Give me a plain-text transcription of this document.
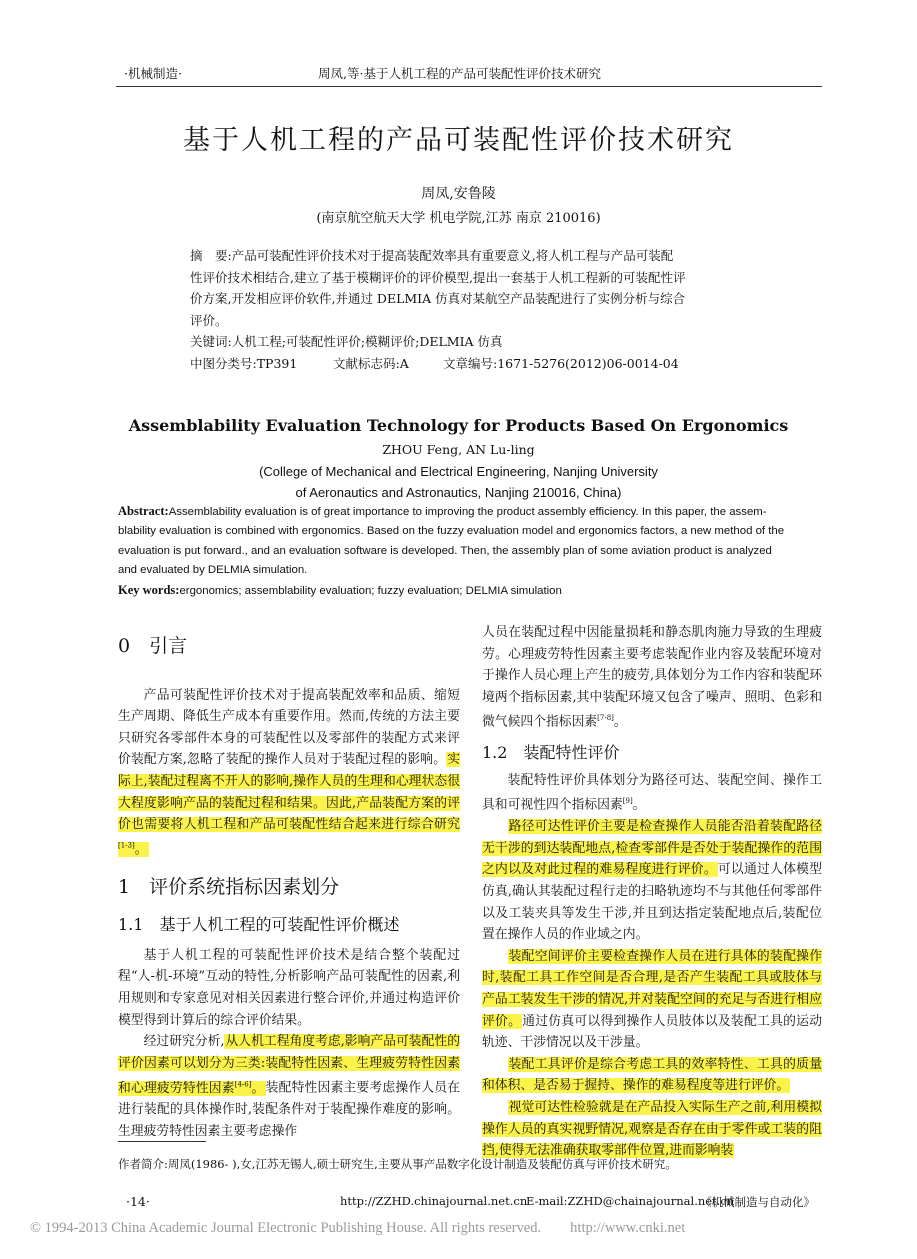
·机械制造·	周凤,等·基于人机工程的产品可装配性评价技术研究
基于人机工程的产品可装配性评价技术研究
周凤,安鲁陵
(南京航空航天大学 机电学院,江苏 南京 210016)
摘　要:产品可装配性评价技术对于提高装配效率具有重要意义,将人机工程与产品可装配
性评价技术相结合,建立了基于模糊评价的评价模型,提出一套基于人机工程新的可装配性评
价方案,开发相应评价软件,并通过 DELMIA 仿真对某航空产品装配进行了实例分析与综合
评价。
关键词:人机工程;可装配性评价;模糊评价;DELMIA 仿真
中图分类号:TP391	文献标志码:A	文章编号:1671-5276(2012)06-0014-04
Assemblability Evaluation Technology for Products Based On Ergonomics
ZHOU Feng, AN Lu-ling
(College of Mechanical and Electrical Engineering, Nanjing University
of Aeronautics and Astronautics, Nanjing 210016, China)
Abstract:Assemblability evaluation is of great importance to improving the product assembly efficiency. In this paper, the assem-
blability evaluation is combined with ergonomics. Based on the fuzzy evaluation model and ergonomics factors, a new method of the
evaluation is put forward., and an evaluation software is developed. Then, the assembly plan of some aviation product is analyzed
and evaluated by DELMIA simulation.
Key words:ergonomics; assemblability evaluation; fuzzy evaluation; DELMIA simulation
0　引言

产品可装配性评价技术对于提高装配效率和品质、缩短生产周期、降低生产成本有重要作用。然而,传统的方法主要只研究各零部件本身的可装配性以及零部件的装配方式来评价装配方案,忽略了装配的操作人员对于装配过程的影响。实际上,装配过程离不开人的影响,操作人员的生理和心理状态很大程度影响产品的装配过程和结果。因此,产品装配方案的评价也需要将人机工程和产品可装配性结合起来进行综合研究[1-3]。

1　评价系统指标因素划分
1.1　基于人机工程的可装配性评价概述

基于人机工程的可装配性评价技术是结合整个装配过程“人-机-环境”互动的特性,分析影响产品可装配性的因素,利用规则和专家意见对相关因素进行整合评价,并通过构造评价模型得到计算后的综合评价结果。

经过研究分析,从人机工程角度考虑,影响产品可装配性的评价因素可以划分为三类:装配特性因素、生理疲劳特性因素和心理疲劳特性因素[4-6]。装配特性因素主要考虑操作人员在进行装配的具体操作时,装配条件对于装配操作难度的影响。生理疲劳特性因素主要考虑操作

人员在装配过程中因能量损耗和静态肌肉施力导致的生理疲劳。心理疲劳特性因素主要考虑装配作业内容及装配环境对于操作人员心理上产生的疲劳,具体划分为工作内容和装配环境两个指标因素,其中装配环境又包含了噪声、照明、色彩和微气候四个指标因素[7-8]。

1.2　装配特性评价

装配特性评价具体划分为路径可达、装配空间、操作工具和可视性四个指标因素[9]。

路径可达性评价主要是检查操作人员能否沿着装配路径无干涉的到达装配地点,检查零部件是否处于装配操作的范围之内以及对此过程的难易程度进行评价。可以通过人体模型仿真,确认其装配过程行走的扫略轨迹均不与其他任何零部件以及工装夹具等发生干涉,并且到达指定装配地点后,装配位置在操作人员的作业域之内。

装配空间评价主要检查操作人员在进行具体的装配操作时,装配工具工作空间是否合理,是否产生装配工具或肢体与产品工装发生干涉的情况,并对装配空间的充足与否进行相应评价。通过仿真可以得到操作人员肢体以及装配工具的运动轨迹、干涉情况以及干涉量。

装配工具评价是综合考虑工具的效率特性、工具的质量和体积、是否易于握持、操作的难易程度等进行评价。

视觉可达性检验就是在产品投入实际生产之前,利用模拟操作人员的真实视野情况,观察是否存在由于零件或工装的阻挡,使得无法准确获取零部件位置,进而影响装

作者简介:周凤(1986- ),女,江苏无锡人,硕士研究生,主要从事产品数字化设计制造及装配仿真与评价技术研究。
·14·	http://ZZHD.chinajournal.net.cn
E-mail:ZZHD@chainajournal.net.cn
《机械制造与自动化》
© 1994-2013 China Academic Journal Electronic Publishing House. All rights reserved.　　http://www.cnki.net
